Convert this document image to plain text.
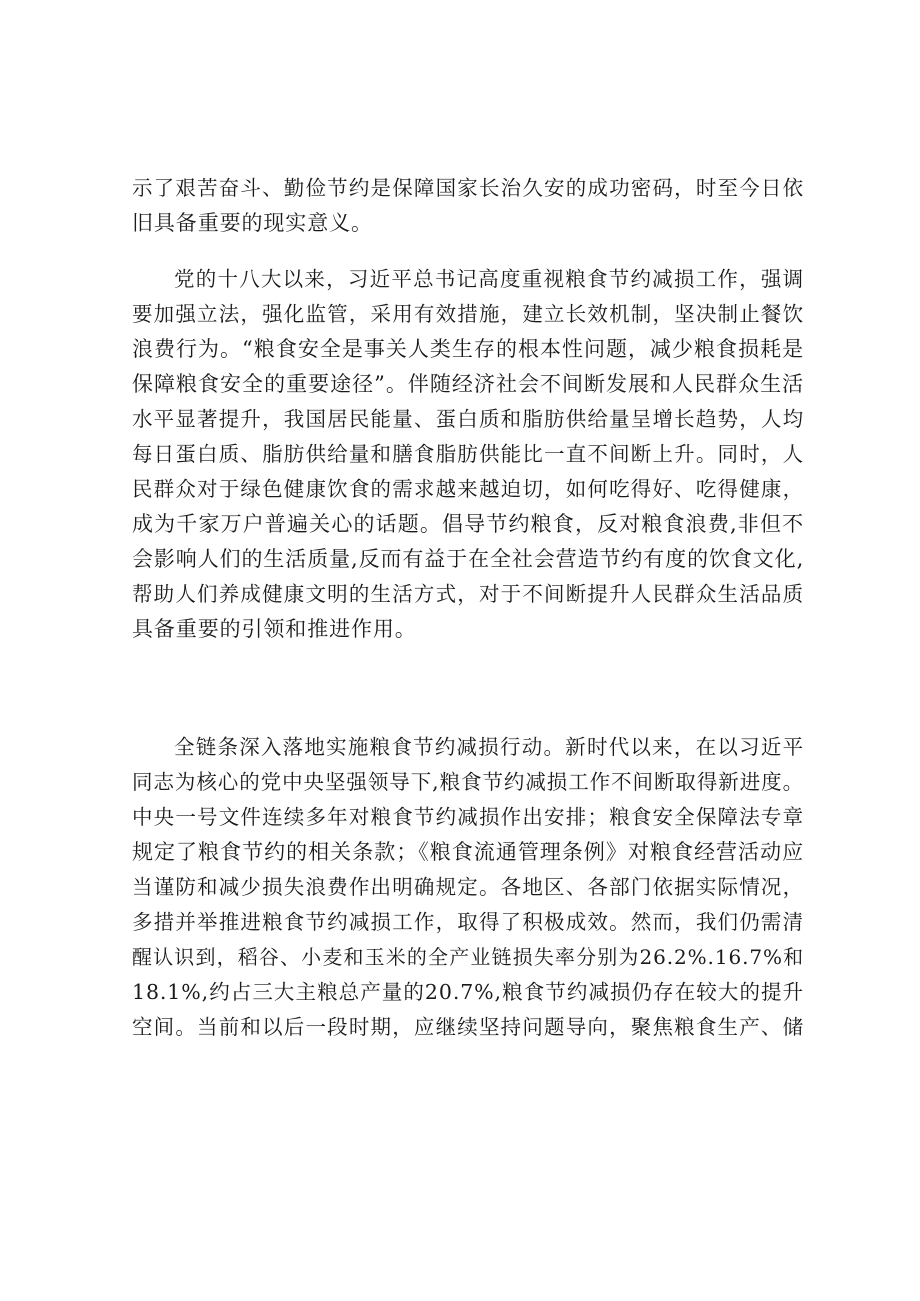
示了艰苦奋斗、勤俭节约是保障国家长治久安的成功密码，时至今日依
旧具备重要的现实意义。
党的十八大以来，习近平总书记高度重视粮食节约减损工作，强调
要加强立法，强化监管，采用有效措施，建立长效机制，坚决制止餐饮
浪费行为。“粮食安全是事关人类生存的根本性问题，减少粮食损耗是
保障粮食安全的重要途径”。伴随经济社会不间断发展和人民群众生活
水平显著提升，我国居民能量、蛋白质和脂肪供给量呈增长趋势，人均
每日蛋白质、脂肪供给量和膳食脂肪供能比一直不间断上升。同时，人
民群众对于绿色健康饮食的需求越来越迫切，如何吃得好、吃得健康，
成为千家万户普遍关心的话题。倡导节约粮食，反对粮食浪费,非但不
会影响人们的生活质量,反而有益于在全社会营造节约有度的饮食文化,
帮助人们养成健康文明的生活方式，对于不间断提升人民群众生活品质
具备重要的引领和推进作用。
全链条深入落地实施粮食节约减损行动。新时代以来，在以习近平
同志为核心的党中央坚强领导下,粮食节约减损工作不间断取得新进度。
中央一号文件连续多年对粮食节约减损作出安排；粮食安全保障法专章
规定了粮食节约的相关条款；《粮食流通管理条例》对粮食经营活动应
当谨防和减少损失浪费作出明确规定。各地区、各部门依据实际情况，
多措并举推进粮食节约减损工作，取得了积极成效。然而，我们仍需清
醒认识到，稻谷、小麦和玉米的全产业链损失率分别为26.2%.16.7%和
18.1%,约占三大主粮总产量的20.7%,粮食节约减损仍存在较大的提升
空间。当前和以后一段时期，应继续坚持问题导向，聚焦粮食生产、储
